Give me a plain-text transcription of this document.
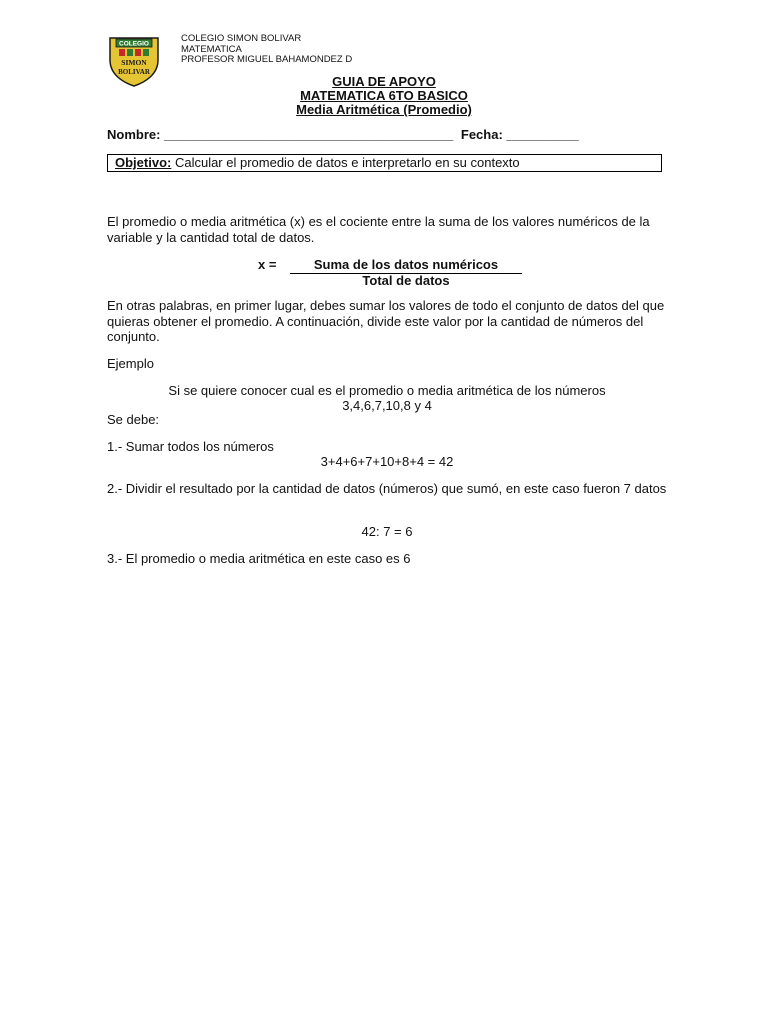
COLEGIO
SIMON
BOLIVAR
COLEGIO SIMON BOLIVAR
MATEMATICA
PROFESOR MIGUEL BAHAMONDEZ D
GUIA DE APOYO
MATEMATICA 6TO BASICO
Media Aritmética (Promedio)
Nombre: ________________________________________ Fecha: __________
Objetivo: Calcular el promedio de datos e interpretarlo en su contexto
El promedio o media aritmética (x) es el cociente entre la suma de los valores numéricos de la variable y la cantidad total de datos.
x =	Suma de los datos numéricos
Total de datos
En otras palabras, en primer lugar, debes sumar los valores de todo el conjunto de datos del que quieras obtener el promedio. A continuación, divide este valor por la cantidad de números del conjunto.
Ejemplo
Si se quiere conocer cual es el promedio o media aritmética de los números
3,4,6,7,10,8 y 4
Se debe:
1.- Sumar todos los números
3+4+6+7+10+8+4 = 42
2.- Dividir el resultado por la cantidad de datos (números) que sumó, en este caso fueron 7 datos
42: 7 = 6
3.- El promedio o media aritmética en este caso es 6
